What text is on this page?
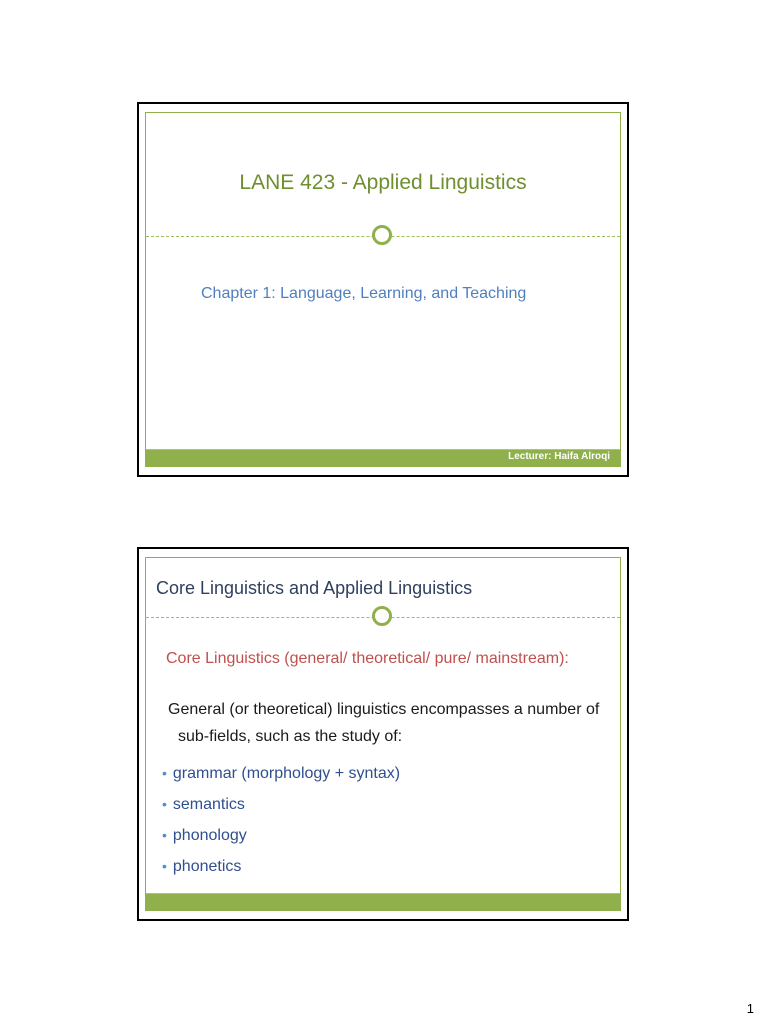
LANE 423 - Applied Linguistics
Chapter 1: Language, Learning, and Teaching
Lecturer: Haifa Alroqi
Core Linguistics and Applied Linguistics
Core Linguistics (general/ theoretical/ pure/ mainstream):
General (or theoretical) linguistics encompasses a number of
sub-fields, such as the study of:
• grammar (morphology + syntax)
• semantics
• phonology
• phonetics
1
